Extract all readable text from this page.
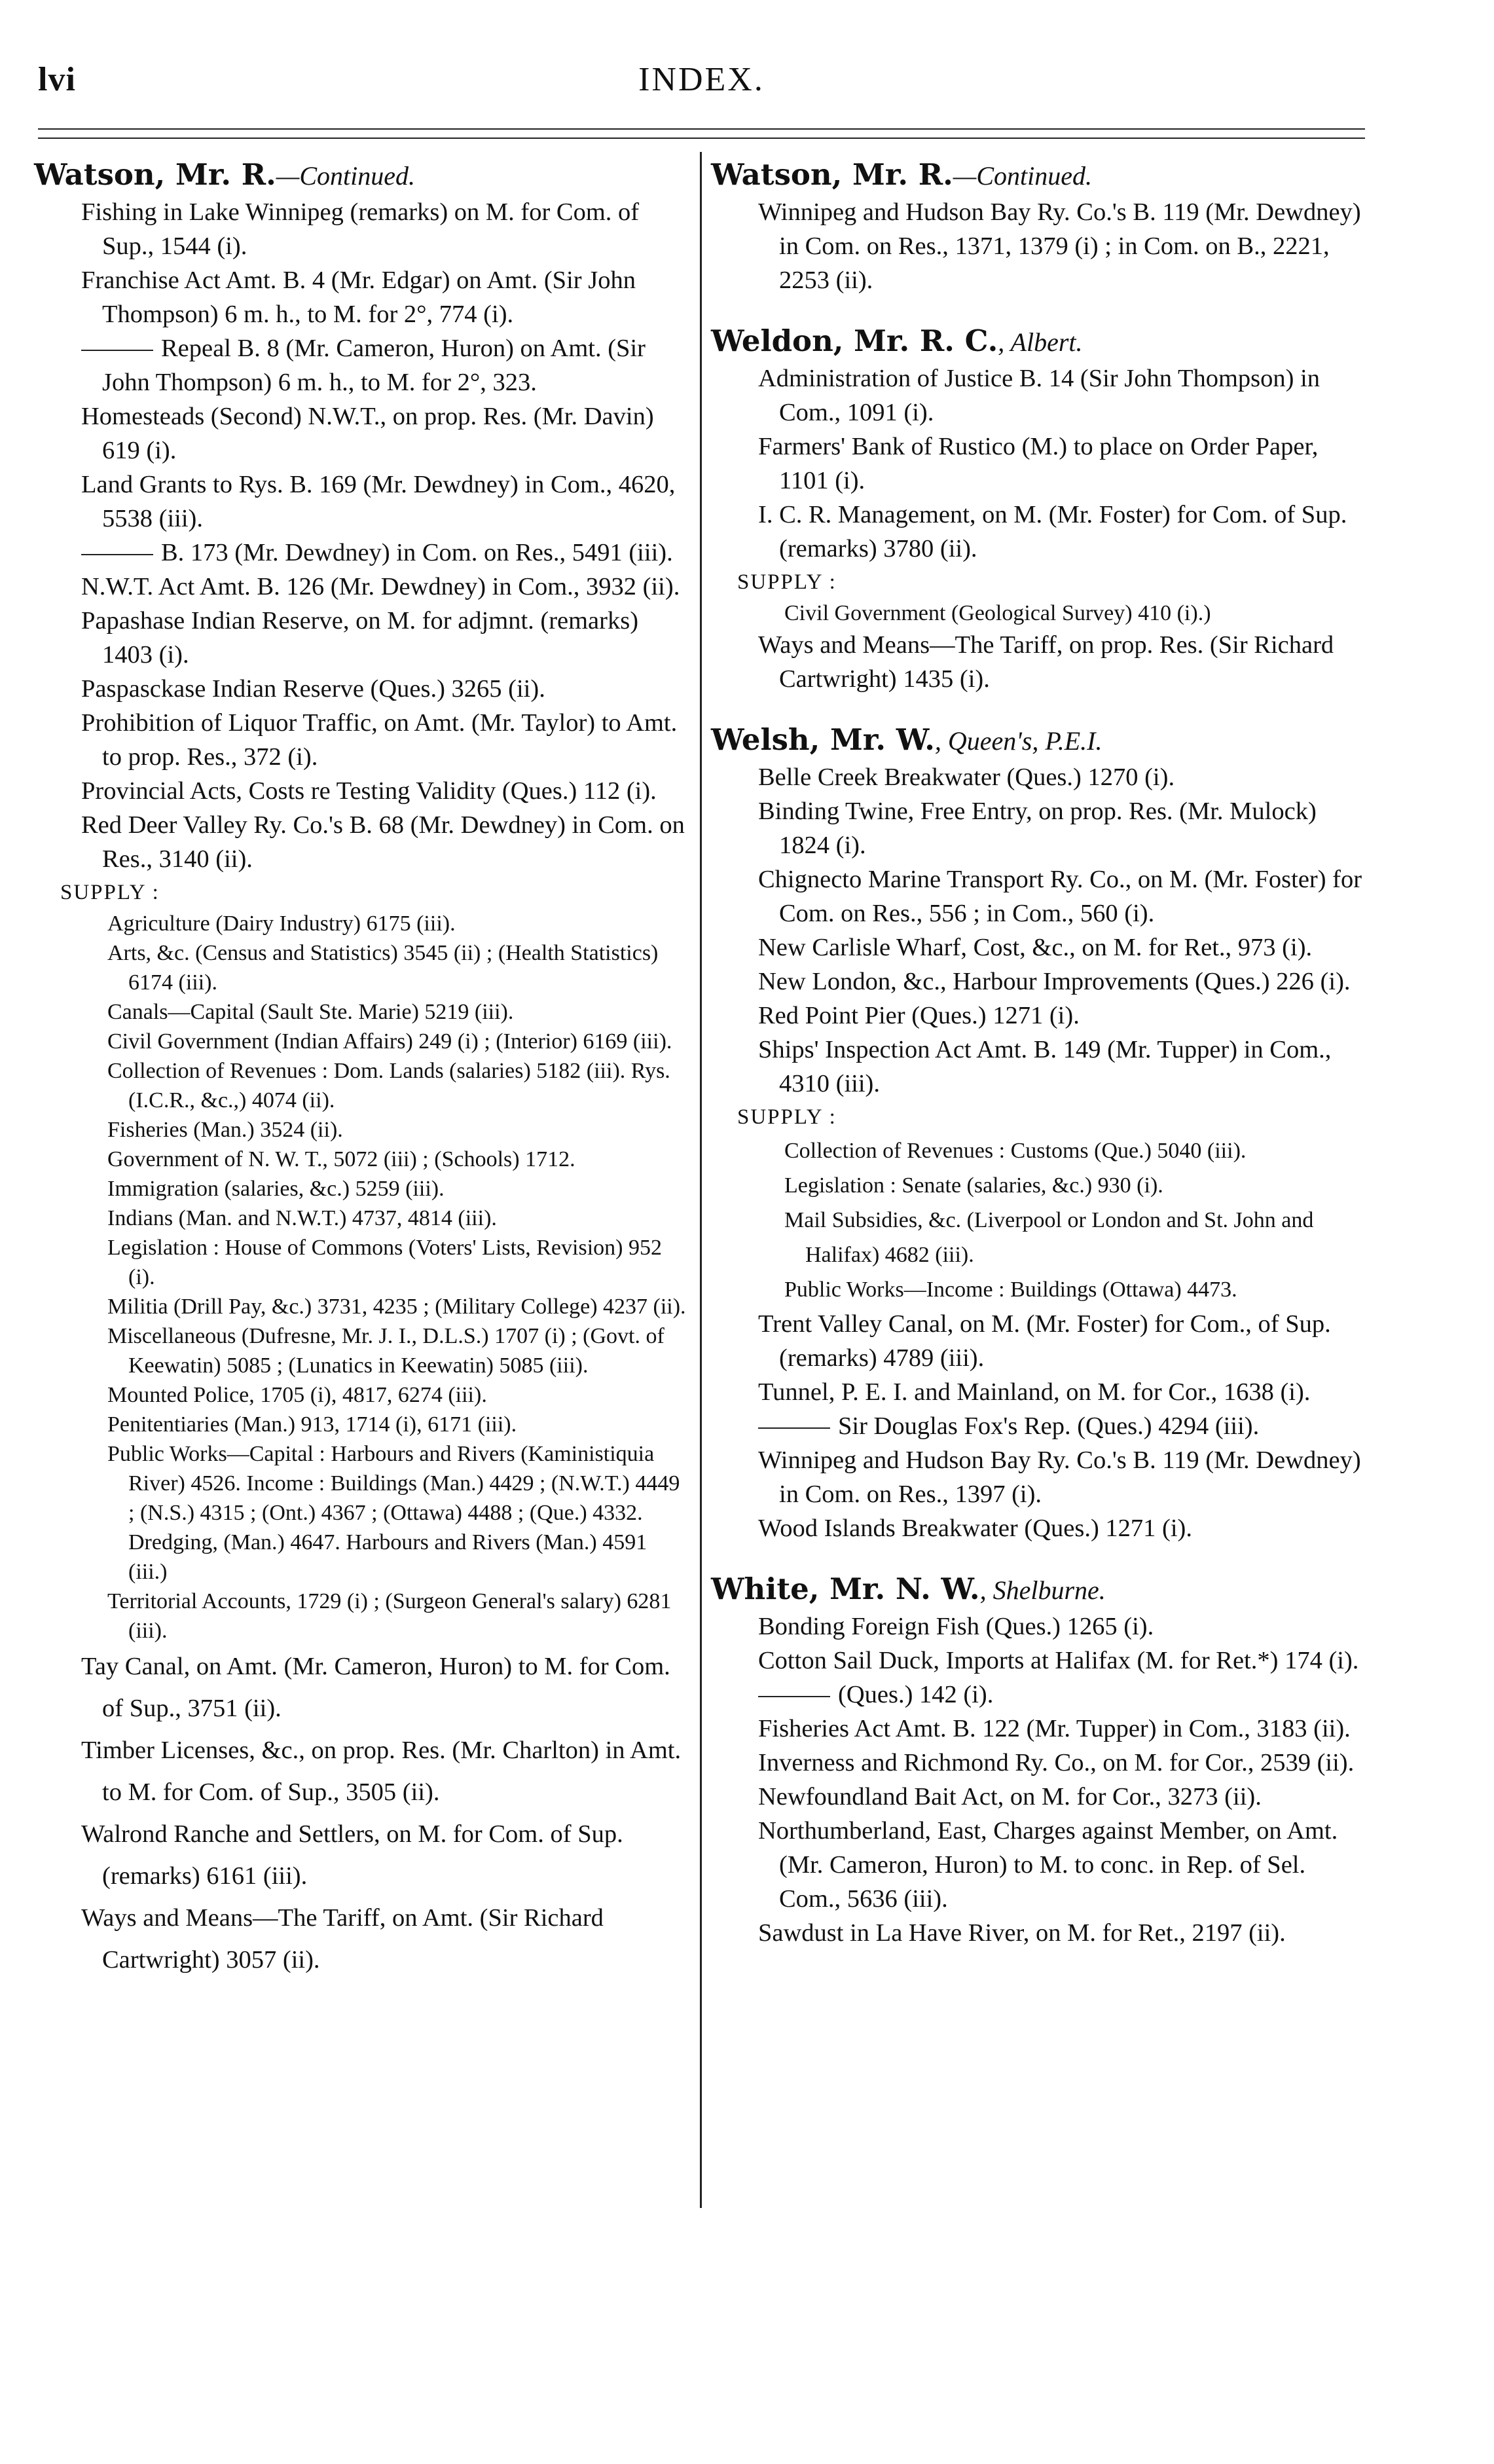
lvi	INDEX.
Watson, Mr. R.—Continued.
Fishing in Lake Winnipeg (remarks) on M. for Com. of Sup., 1544 (i).
Franchise Act Amt. B. 4 (Mr. Edgar) on Amt. (Sir John Thompson) 6 m. h., to M. for 2°, 774 (i).
Repeal B. 8 (Mr. Cameron, Huron) on Amt. (Sir John Thompson) 6 m. h., to M. for 2°, 323.
Homesteads (Second) N.W.T., on prop. Res. (Mr. Davin) 619 (i).
Land Grants to Rys. B. 169 (Mr. Dewdney) in Com., 4620, 5538 (iii).
B. 173 (Mr. Dewdney) in Com. on Res., 5491 (iii).
N.W.T. Act Amt. B. 126 (Mr. Dewdney) in Com., 3932 (ii).
Papashase Indian Reserve, on M. for adjmnt. (remarks) 1403 (i).
Paspasckase Indian Reserve (Ques.) 3265 (ii).
Prohibition of Liquor Traffic, on Amt. (Mr. Taylor) to Amt. to prop. Res., 372 (i).
Provincial Acts, Costs re Testing Validity (Ques.) 112 (i).
Red Deer Valley Ry. Co.'s B. 68 (Mr. Dewdney) in Com. on Res., 3140 (ii).
SUPPLY :
Agriculture (Dairy Industry) 6175 (iii).
Arts, &c. (Census and Statistics) 3545 (ii) ; (Health Statistics) 6174 (iii).
Canals—Capital (Sault Ste. Marie) 5219 (iii).
Civil Government (Indian Affairs) 249 (i) ; (Interior) 6169 (iii).
Collection of Revenues : Dom. Lands (salaries) 5182 (iii). Rys. (I.C.R., &c.,) 4074 (ii).
Fisheries (Man.) 3524 (ii).
Government of N. W. T., 5072 (iii) ; (Schools) 1712.
Immigration (salaries, &c.) 5259 (iii).
Indians (Man. and N.W.T.) 4737, 4814 (iii).
Legislation : House of Commons (Voters' Lists, Revision) 952 (i).
Militia (Drill Pay, &c.) 3731, 4235 ; (Military College) 4237 (ii).
Miscellaneous (Dufresne, Mr. J. I., D.L.S.) 1707 (i) ; (Govt. of Keewatin) 5085 ; (Lunatics in Keewatin) 5085 (iii).
Mounted Police, 1705 (i), 4817, 6274 (iii).
Penitentiaries (Man.) 913, 1714 (i), 6171 (iii).
Public Works—Capital : Harbours and Rivers (Kaministiquia River) 4526. Income : Buildings (Man.) 4429 ; (N.W.T.) 4449 ; (N.S.) 4315 ; (Ont.) 4367 ; (Ottawa) 4488 ; (Que.) 4332. Dredging, (Man.) 4647. Harbours and Rivers (Man.) 4591 (iii.)
Territorial Accounts, 1729 (i) ; (Surgeon General's salary) 6281 (iii).
Tay Canal, on Amt. (Mr. Cameron, Huron) to M. for Com. of Sup., 3751 (ii).
Timber Licenses, &c., on prop. Res. (Mr. Charlton) in Amt. to M. for Com. of Sup., 3505 (ii).
Walrond Ranche and Settlers, on M. for Com. of Sup. (remarks) 6161 (iii).
Ways and Means—The Tariff, on Amt. (Sir Richard Cartwright) 3057 (ii).
Watson, Mr. R.—Continued.
Winnipeg and Hudson Bay Ry. Co.'s B. 119 (Mr. Dewdney) in Com. on Res., 1371, 1379 (i) ; in Com. on B., 2221, 2253 (ii).
Weldon, Mr. R. C., Albert.
Administration of Justice B. 14 (Sir John Thompson) in Com., 1091 (i).
Farmers' Bank of Rustico (M.) to place on Order Paper, 1101 (i).
I. C. R. Management, on M. (Mr. Foster) for Com. of Sup. (remarks) 3780 (ii).
SUPPLY :
Civil Government (Geological Survey) 410 (i).)
Ways and Means—The Tariff, on prop. Res. (Sir Richard Cartwright) 1435 (i).
Welsh, Mr. W., Queen's, P.E.I.
Belle Creek Breakwater (Ques.) 1270 (i).
Binding Twine, Free Entry, on prop. Res. (Mr. Mulock) 1824 (i).
Chignecto Marine Transport Ry. Co., on M. (Mr. Foster) for Com. on Res., 556 ; in Com., 560 (i).
New Carlisle Wharf, Cost, &c., on M. for Ret., 973 (i).
New London, &c., Harbour Improvements (Ques.) 226 (i).
Red Point Pier (Ques.) 1271 (i).
Ships' Inspection Act Amt. B. 149 (Mr. Tupper) in Com., 4310 (iii).
SUPPLY :
Collection of Revenues : Customs (Que.) 5040 (iii).
Legislation : Senate (salaries, &c.) 930 (i).
Mail Subsidies, &c. (Liverpool or London and St. John and Halifax) 4682 (iii).
Public Works—Income : Buildings (Ottawa) 4473.
Trent Valley Canal, on M. (Mr. Foster) for Com., of Sup. (remarks) 4789 (iii).
Tunnel, P. E. I. and Mainland, on M. for Cor., 1638 (i).
Sir Douglas Fox's Rep. (Ques.) 4294 (iii).
Winnipeg and Hudson Bay Ry. Co.'s B. 119 (Mr. Dewdney) in Com. on Res., 1397 (i).
Wood Islands Breakwater (Ques.) 1271 (i).
White, Mr. N. W., Shelburne.
Bonding Foreign Fish (Ques.) 1265 (i).
Cotton Sail Duck, Imports at Halifax (M. for Ret.*) 174 (i).
(Ques.) 142 (i).
Fisheries Act Amt. B. 122 (Mr. Tupper) in Com., 3183 (ii).
Inverness and Richmond Ry. Co., on M. for Cor., 2539 (ii).
Newfoundland Bait Act, on M. for Cor., 3273 (ii).
Northumberland, East, Charges against Member, on Amt. (Mr. Cameron, Huron) to M. to conc. in Rep. of Sel. Com., 5636 (iii).
Sawdust in La Have River, on M. for Ret., 2197 (ii).
